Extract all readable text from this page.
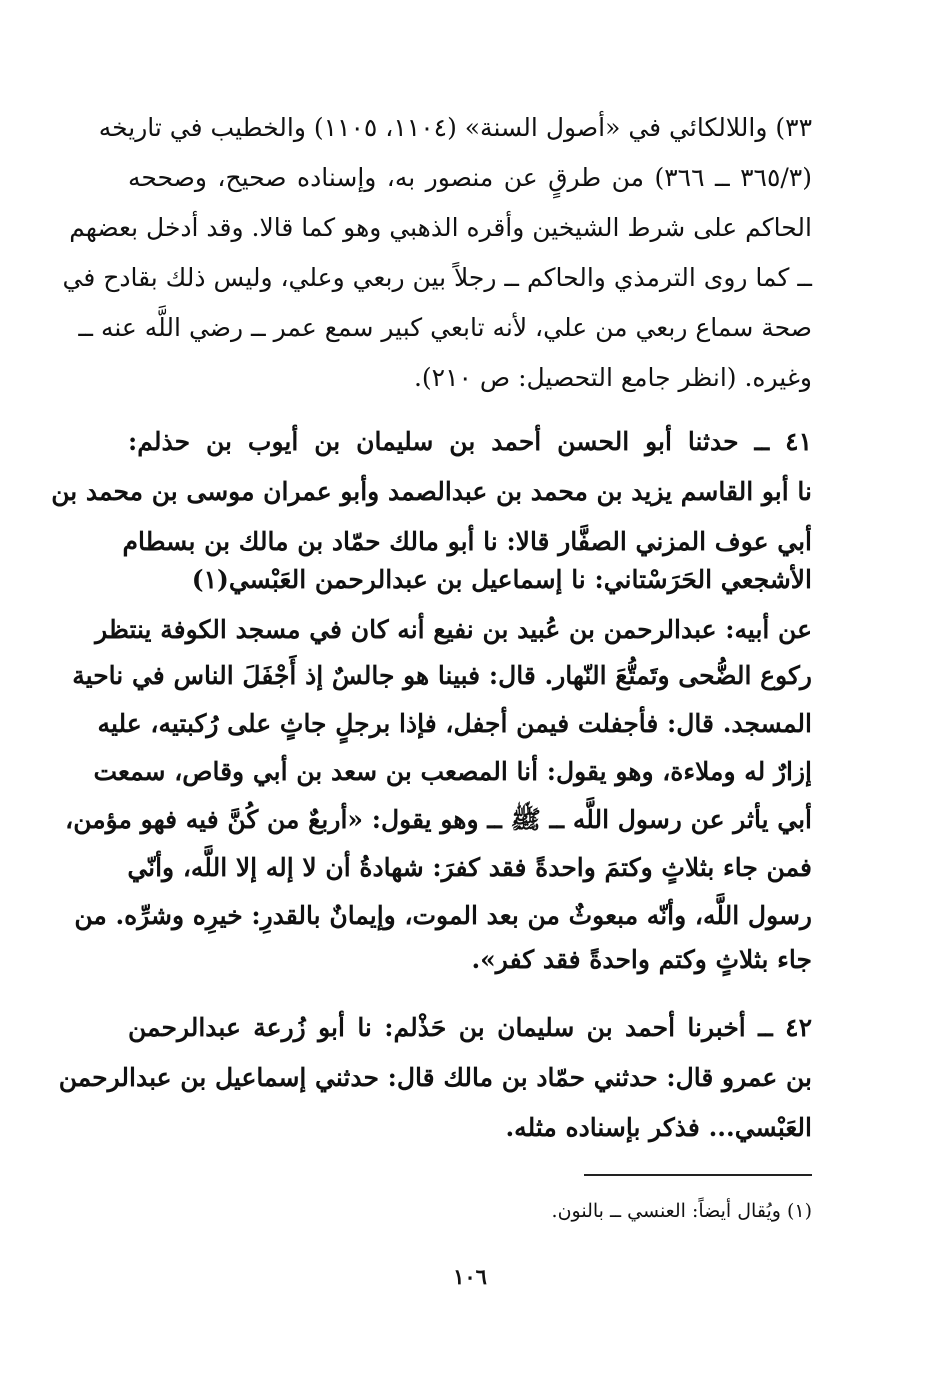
٣٣) واللالكائي في «أصول السنة» (١١٠٤، ١١٠٥) والخطيب في تاريخه
(٣٦٥/٣ ــ ٣٦٦) من طرقٍ عن منصور به، وإسناده صحيح، وصححه
الحاكم على شرط الشيخين وأقره الذهبي وهو كما قالا. وقد أدخل بعضهم
ــ كما روى الترمذي والحاكم ــ رجلاً بين ربعي وعلي، وليس ذلك بقادح في
صحة سماع ربعي من علي، لأنه تابعي كبير سمع عمر ــ رضي اللَّه عنه ــ
وغيره. (انظر جامع التحصيل: ص ٢١٠).
٤١ ــ حدثنا أبو الحسن أحمد بن سليمان بن أيوب بن حذلم:
نا أبو القاسم يزيد بن محمد بن عبدالصمد وأبو عمران موسى بن محمد بن
أبي عوف المزني الصفَّار قالا: نا أبو مالك حمّاد بن مالك بن بسطام
الأشجعي الحَرَسْتاني: نا إسماعيل بن عبدالرحمن العَبْسي(١)
عن أبيه: عبدالرحمن بن عُبيد بن نفيع أنه كان في مسجد الكوفة ينتظر
ركوع الضُّحى وتَمتُّعَ النّهار. قال: فبينا هو جالسٌ إذ أَجْفَلَ الناس في ناحية
المسجد. قال: فأجفلت فيمن أجفل، فإذا برجلٍ جاثٍ على رُكبتيه، عليه
إزارٌ له وملاءة، وهو يقول: أنا المصعب بن سعد بن أبي وقاص، سمعت
أبي يأثر عن رسول اللَّه ــ ﷺ ــ وهو يقول: «أربعٌ من كُنَّ فيه فهو مؤمن،
فمن جاء بثلاثٍ وكتمَ واحدةً فقد كفرَ: شهادةُ أن لا إله إلا اللَّه، وأنّي
رسول اللَّه، وأنّه مبعوثٌ من بعد الموت، وإيمانٌ بالقدرِ: خيرِه وشرِّه. من
جاء بثلاثٍ وكتم واحدةً فقد كفر».
٤٢ ــ أخبرنا أحمد بن سليمان بن حَذْلم: نا أبو زُرعة عبدالرحمن
بن عمرو قال: حدثني حمّاد بن مالك قال: حدثني إسماعيل بن عبدالرحمن
العَبْسي... فذكر بإسناده مثله.
(١) ويُقال أيضاً: العنسي ــ بالنون.
١٠٦
